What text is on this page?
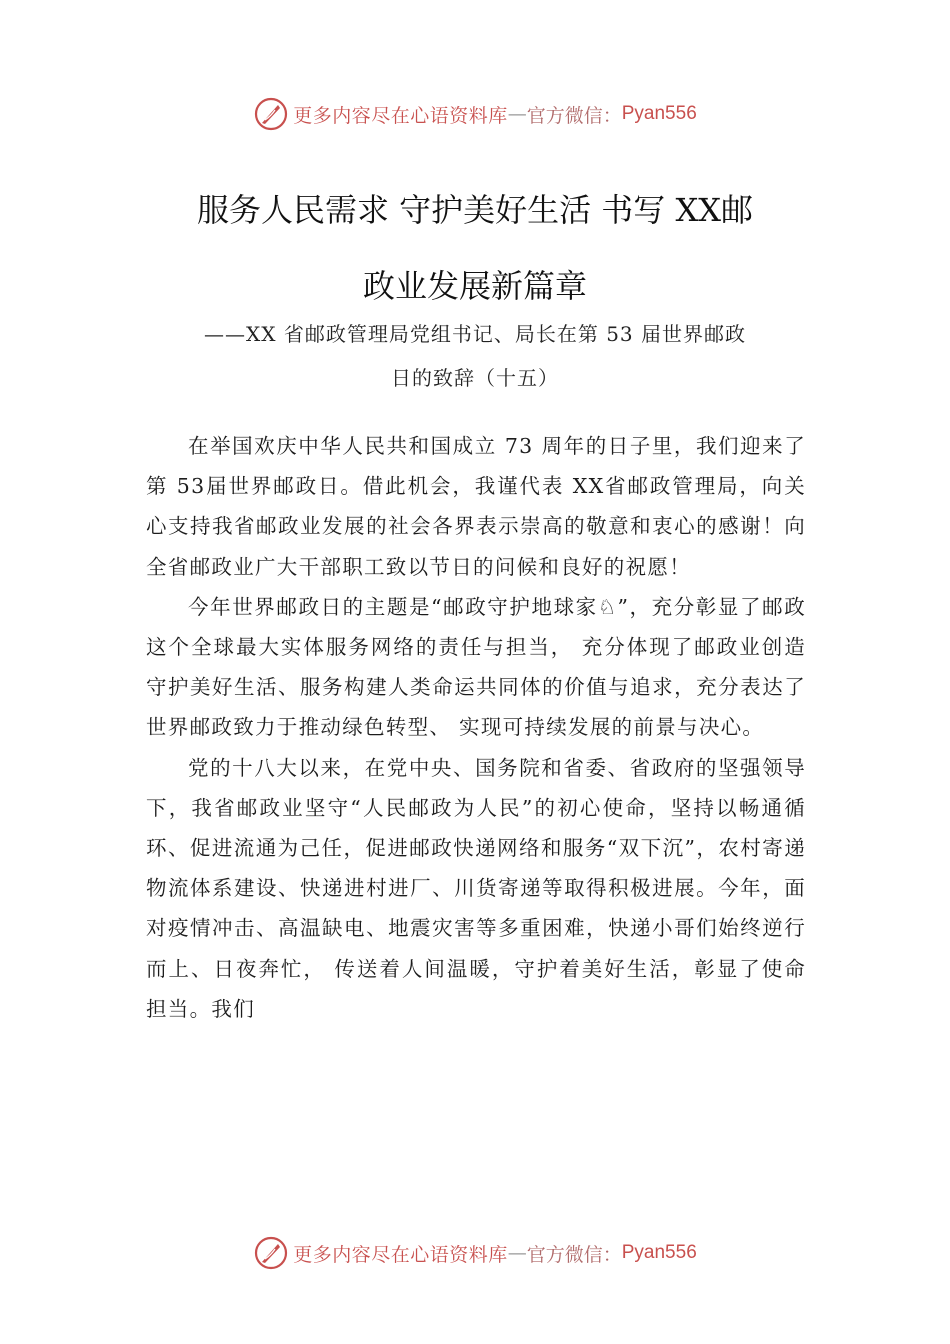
更多内容尽在心语资料库 — 官方微信： Pyan556
服务人民需求 守护美好生活 书写 XX邮
政业发展新篇章
——XX 省邮政管理局党组书记、局长在第 53 届世界邮政
日的致辞（十五）

在举国欢庆中华人民共和国成立 73 周年的日子里，我们迎来了第 53届世界邮政日。借此机会，我谨代表 XX省邮政管理局，向关心支持我省邮政业发展的社会各界表示崇高的敬意和衷心的感谢！向全省邮政业广大干部职工致以节日的问候和良好的祝愿！

今年世界邮政日的主题是“邮政守护地球家♘”，充分彰显了邮政这个全球最大实体服务网络的责任与担当， 充分体现了邮政业创造守护美好生活、服务构建人类命运共同体的价值与追求，充分表达了世界邮政致力于推动绿色转型、 实现可持续发展的前景与决心。

党的十八大以来，在党中央、国务院和省委、省政府的坚强领导下，我省邮政业坚守“人民邮政为人民”的初心使命，坚持以畅通循环、促进流通为己任，促进邮政快递网络和服务“双下沉”，农村寄递物流体系建设、快递进村进厂、川货寄递等取得积极进展。今年，面对疫情冲击、高温缺电、地震灾害等多重困难，快递小哥们始终逆行而上、日夜奔忙， 传送着人间温暖，守护着美好生活，彰显了使命担当。我们

更多内容尽在心语资料库 — 官方微信： Pyan556
